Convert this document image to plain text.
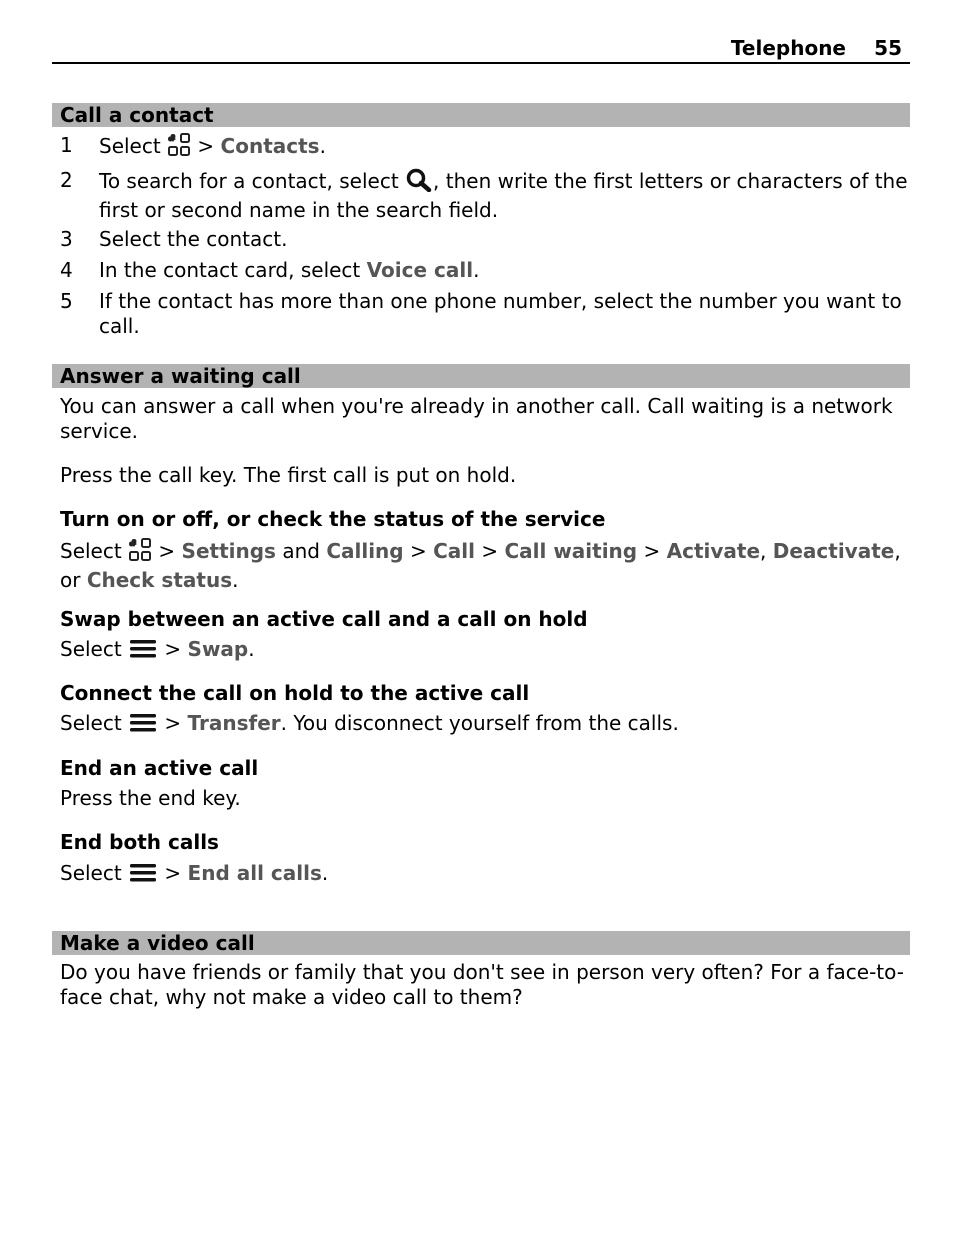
Telephone 55
Call a contact
1 Select > Contacts.
2 To search for a contact, select , then write the first letters or characters of the first or second name in the search field.
3 Select the contact.
4 In the contact card, select Voice call.
5 If the contact has more than one phone number, select the number you want to call.
Answer a waiting call
You can answer a call when you're already in another call. Call waiting is a network service.
Press the call key. The first call is put on hold.
Turn on or off, or check the status of the service
Select > Settings and Calling > Call > Call waiting > Activate, Deactivate, or Check status.
Swap between an active call and a call on hold
Select > Swap.
Connect the call on hold to the active call
Select > Transfer. You disconnect yourself from the calls.
End an active call
Press the end key.
End both calls
Select > End all calls.
Make a video call
Do you have friends or family that you don't see in person very often? For a face-to-face chat, why not make a video call to them?
